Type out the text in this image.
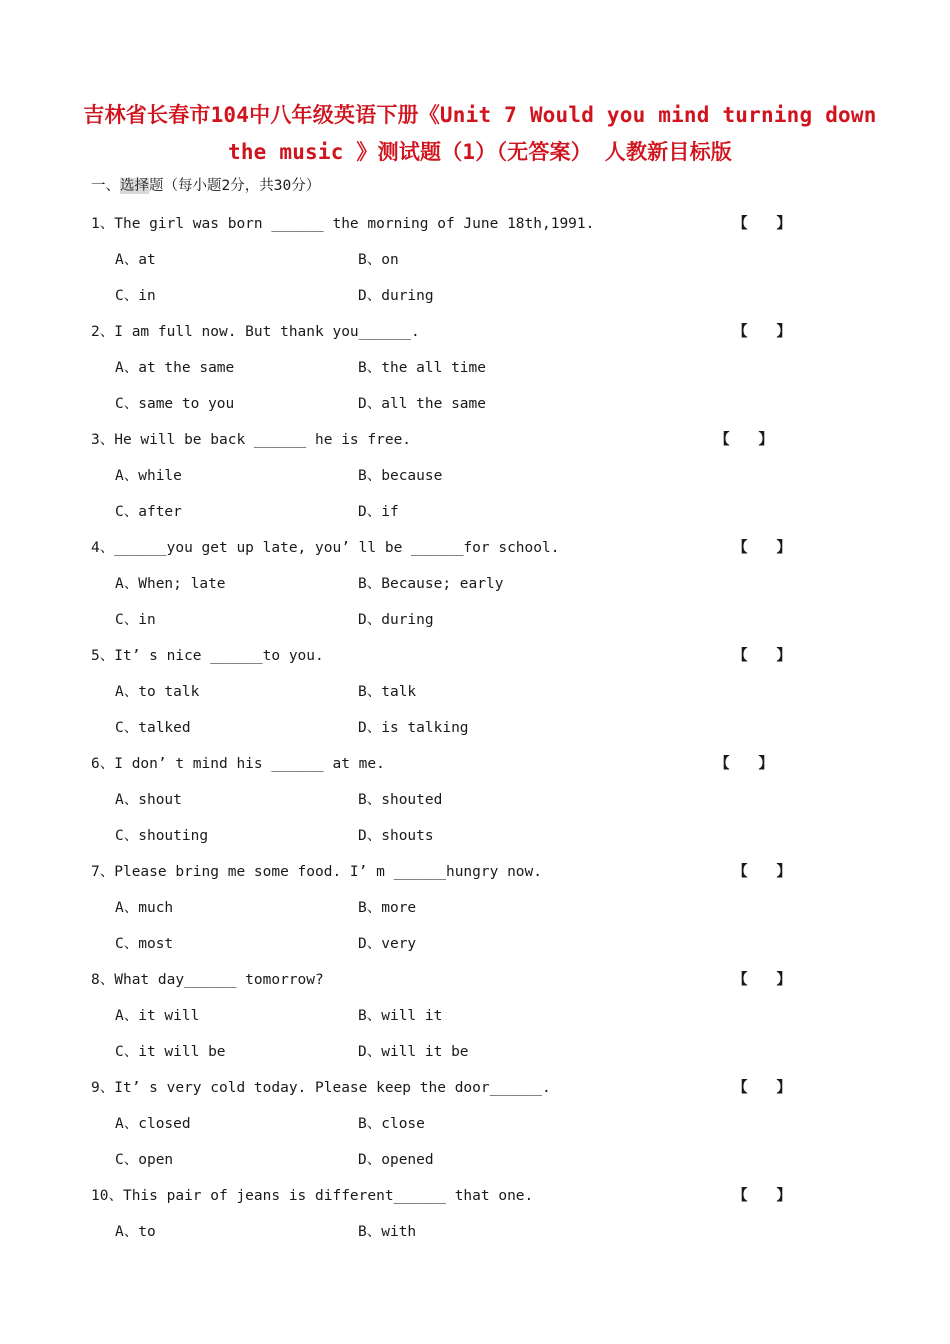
吉林省长春市104中八年级英语下册《Unit 7 Would you mind turning down
the music 》测试题（1）（无答案） 人教新目标版
一、选择题（每小题2分，共30分）
1、The girl was born ______ the morning of June 18th,1991.	【　　】
A、at	B、on
C、in	D、during
2、I am full now. But thank you______.	【　　】
A、at the same	B、the all time
C、same to you	D、all the same
3、He will be back ______ he is free.	【　　】
A、while	B、because
C、after	D、if
4、______you get up late, you’ ll be ______for school.	【　　】
A、When; late	B、Because; early
C、in	D、during
5、It’ s nice ______to you.	【　　】
A、to talk	B、talk
C、talked	D、is talking
6、I don’ t mind his ______ at me.	【　　】
A、shout	B、shouted
C、shouting	D、shouts
7、Please bring me some food. I’ m ______hungry now.	【　　】
A、much	B、more
C、most	D、very
8、What day______ tomorrow?	【　　】
A、it will	B、will it
C、it will be	D、will it be
9、It’ s very cold today. Please keep the door______.	【　　】
A、closed	B、close
C、open	D、opened
10、This pair of jeans is different______ that one.	【　　】
A、to	B、with
